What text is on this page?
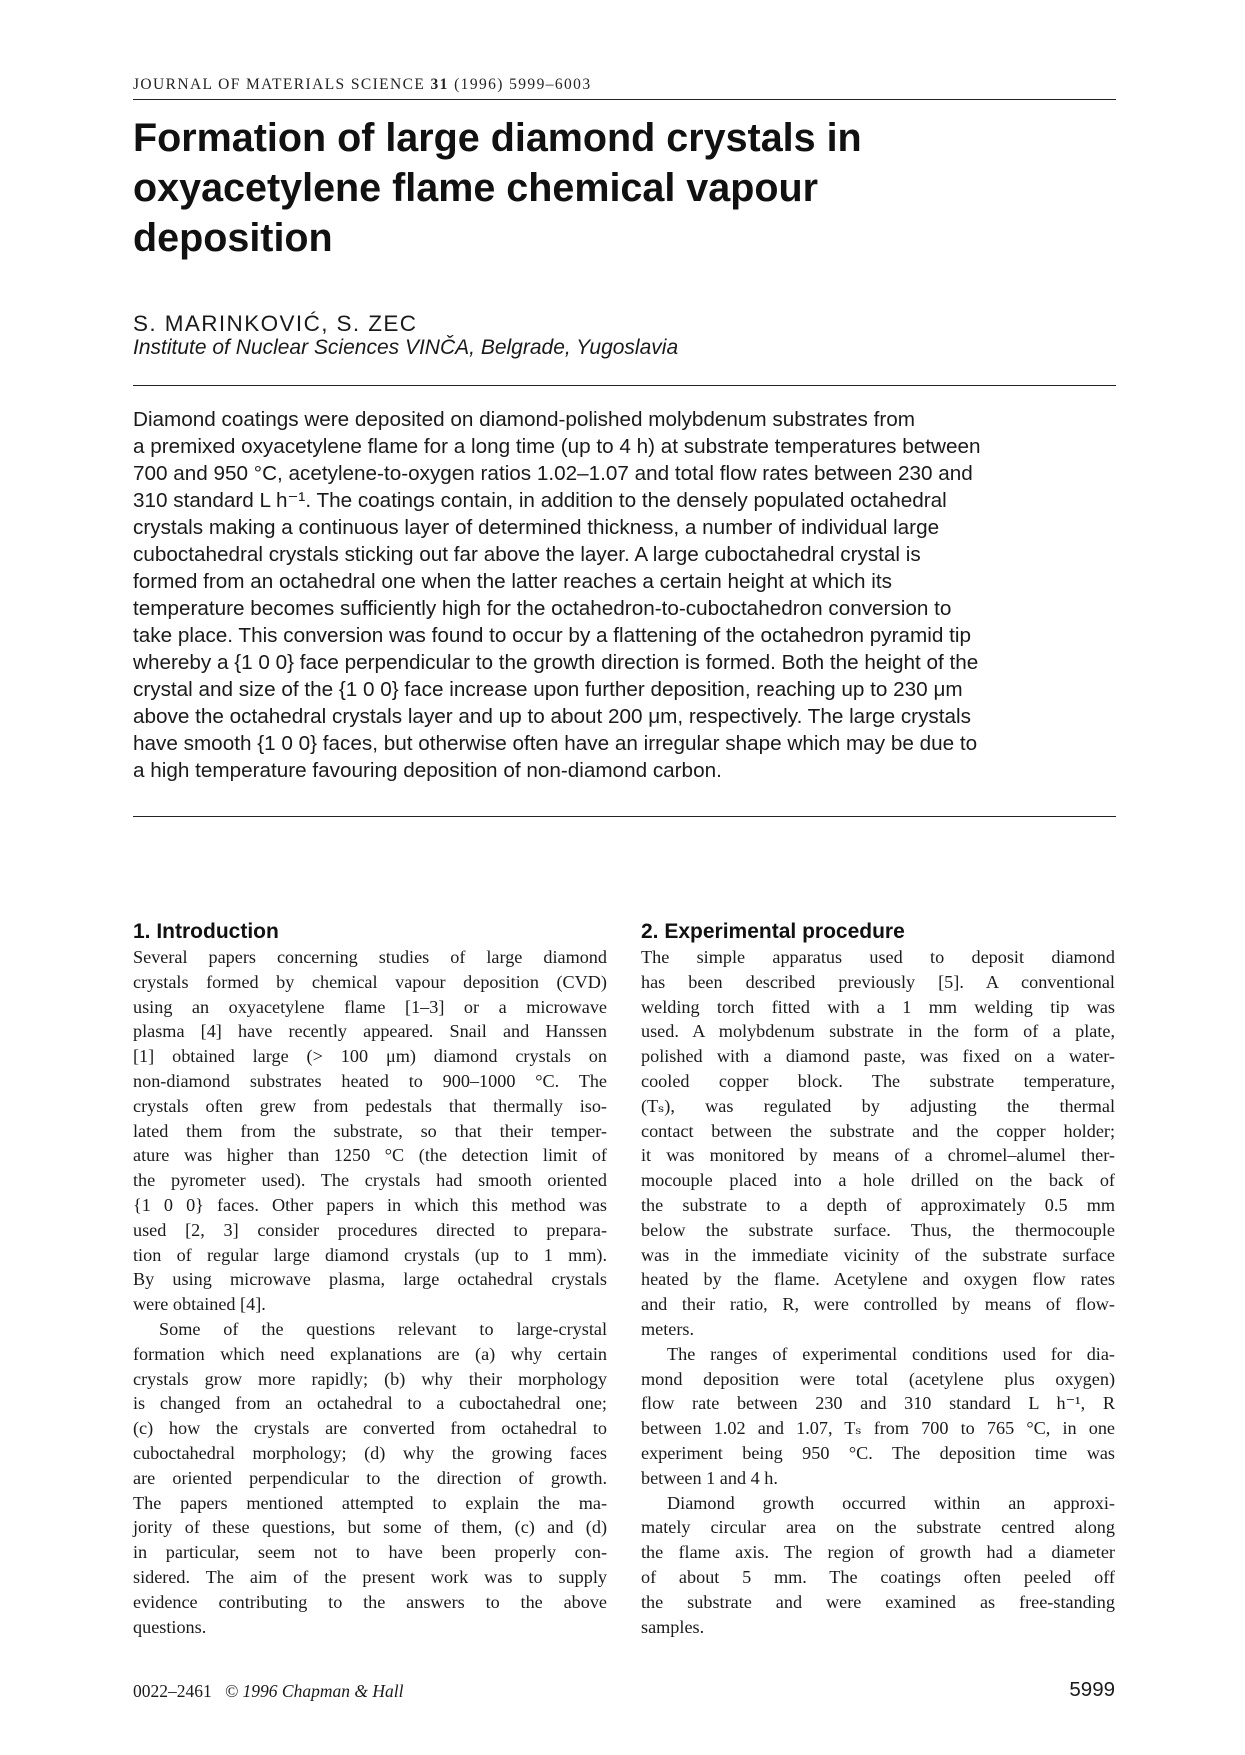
JOURNAL OF MATERIALS SCIENCE 31 (1996) 5999–6003
Formation of large diamond crystals in
oxyacetylene flame chemical vapour
deposition
S. MARINKOVIĆ, S. ZEC
Institute of Nuclear Sciences VINČA, Belgrade, Yugoslavia

Diamond coatings were deposited on diamond-polished molybdenum substrates from
a premixed oxyacetylene flame for a long time (up to 4 h) at substrate temperatures between
700 and 950 °C, acetylene-to-oxygen ratios 1.02–1.07 and total flow rates between 230 and
310 standard L h⁻¹. The coatings contain, in addition to the densely populated octahedral
crystals making a continuous layer of determined thickness, a number of individual large
cuboctahedral crystals sticking out far above the layer. A large cuboctahedral crystal is
formed from an octahedral one when the latter reaches a certain height at which its
temperature becomes sufficiently high for the octahedron-to-cuboctahedron conversion to
take place. This conversion was found to occur by a flattening of the octahedron pyramid tip
whereby a {1 0 0} face perpendicular to the growth direction is formed. Both the height of the
crystal and size of the {1 0 0} face increase upon further deposition, reaching up to 230 μm
above the octahedral crystals layer and up to about 200 μm, respectively. The large crystals
have smooth {1 0 0} faces, but otherwise often have an irregular shape which may be due to
a high temperature favouring deposition of non-diamond carbon.

1. Introduction

Several papers concerning studies of large diamond
crystals formed by chemical vapour deposition (CVD)
using an oxyacetylene flame [1–3] or a microwave
plasma [4] have recently appeared. Snail and Hanssen
[1] obtained large (> 100 μm) diamond crystals on
non-diamond substrates heated to 900–1000 °C. The
crystals often grew from pedestals that thermally iso-
lated them from the substrate, so that their temper-
ature was higher than 1250 °C (the detection limit of
the pyrometer used). The crystals had smooth oriented
{1 0 0} faces. Other papers in which this method was
used [2, 3] consider procedures directed to prepara-
tion of regular large diamond crystals (up to 1 mm).
By using microwave plasma, large octahedral crystals
were obtained [4].
Some of the questions relevant to large-crystal
formation which need explanations are (a) why certain
crystals grow more rapidly; (b) why their morphology
is changed from an octahedral to a cuboctahedral one;
(c) how the crystals are converted from octahedral to
cuboctahedral morphology; (d) why the growing faces
are oriented perpendicular to the direction of growth.
The papers mentioned attempted to explain the ma-
jority of these questions, but some of them, (c) and (d)
in particular, seem not to have been properly con-
sidered. The aim of the present work was to supply
evidence contributing to the answers to the above
questions.

2. Experimental procedure

The simple apparatus used to deposit diamond
has been described previously [5]. A conventional
welding torch fitted with a 1 mm welding tip was
used. A molybdenum substrate in the form of a plate,
polished with a diamond paste, was fixed on a water-
cooled copper block. The substrate temperature,
(Tₛ), was regulated by adjusting the thermal
contact between the substrate and the copper holder;
it was monitored by means of a chromel–alumel ther-
mocouple placed into a hole drilled on the back of
the substrate to a depth of approximately 0.5 mm
below the substrate surface. Thus, the thermocouple
was in the immediate vicinity of the substrate surface
heated by the flame. Acetylene and oxygen flow rates
and their ratio, R, were controlled by means of flow-
meters.
The ranges of experimental conditions used for dia-
mond deposition were total (acetylene plus oxygen)
flow rate between 230 and 310 standard L h⁻¹, R
between 1.02 and 1.07, Tₛ from 700 to 765 °C, in one
experiment being 950 °C. The deposition time was
between 1 and 4 h.
Diamond growth occurred within an approxi-
mately circular area on the substrate centred along
the flame axis. The region of growth had a diameter
of about 5 mm. The coatings often peeled off
the substrate and were examined as free-standing
samples.

0022–2461 © 1996 Chapman & Hall	5999
